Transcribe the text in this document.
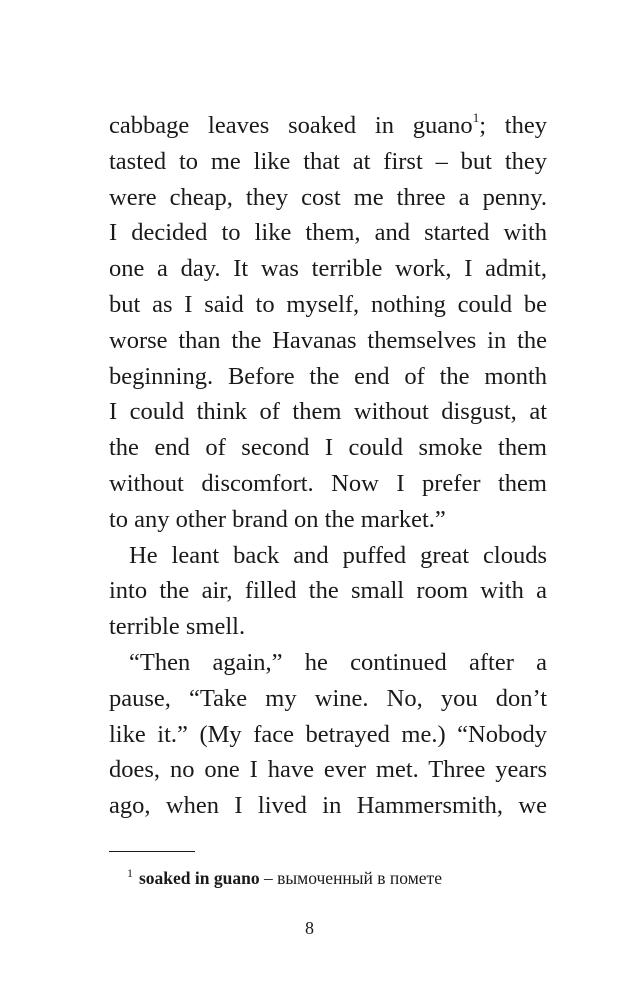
cabbage leaves soaked in guano$^1$; they
tasted to me like that at first – but they
were cheap, they cost me three a penny.
I decided to like them, and started with
one a day. It was terrible work, I admit,
but as I said to myself, nothing could be
worse than the Havanas themselves in the
beginning. Before the end of the month
I could think of them without disgust, at
the end of second I could smoke them
without discomfort. Now I prefer them
to any other brand on the market.”
He leant back and puffed great clouds
into the air, filled the small room with a
terrible smell.
“Then again,” he continued after a
pause, “Take my wine. No, you don’t
like it.” (My face betrayed me.) “Nobody
does, no one I have ever met. Three years
ago, when I lived in Hammersmith, we
$^1$ soaked in guano – вымоченный в помете
8
